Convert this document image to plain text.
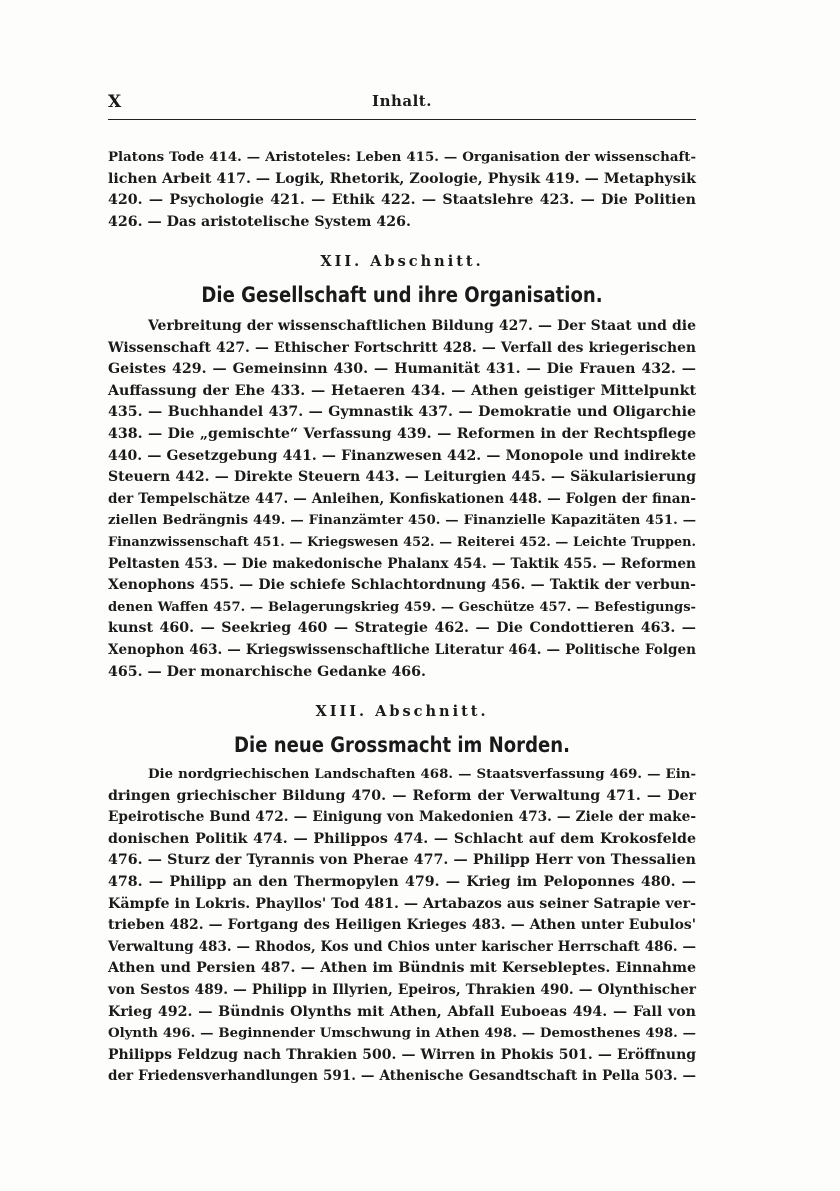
X	Inhalt.
Platons Tode 414. — Aristoteles: Leben 415. — Organisation der wissenschaft-
lichen Arbeit 417. — Logik, Rhetorik, Zoologie, Physik 419. — Metaphysik
420. — Psychologie 421. — Ethik 422. — Staatslehre 423. — Die Politien
426. — Das aristotelische System 426.
XII. Abschnitt.
Die Gesellschaft und ihre Organisation.
Verbreitung der wissenschaftlichen Bildung 427. — Der Staat und die
Wissenschaft 427. — Ethischer Fortschritt 428. — Verfall des kriegerischen
Geistes 429. — Gemeinsinn 430. — Humanität 431. — Die Frauen 432. —
Auffassung der Ehe 433. — Hetaeren 434. — Athen geistiger Mittelpunkt
435. — Buchhandel 437. — Gymnastik 437. — Demokratie und Oligarchie
438. — Die „gemischte“ Verfassung 439. — Reformen in der Rechtspflege
440. — Gesetzgebung 441. — Finanzwesen 442. — Monopole und indirekte
Steuern 442. — Direkte Steuern 443. — Leiturgien 445. — Säkularisierung
der Tempelschätze 447. — Anleihen, Konfiskationen 448. — Folgen der finan-
ziellen Bedrängnis 449. — Finanzämter 450. — Finanzielle Kapazitäten 451. —
Finanzwissenschaft 451. — Kriegswesen 452. — Reiterei 452. — Leichte Truppen.
Peltasten 453. — Die makedonische Phalanx 454. — Taktik 455. — Reformen
Xenophons 455. — Die schiefe Schlachtordnung 456. — Taktik der verbun-
denen Waffen 457. — Belagerungskrieg 459. — Geschütze 457. — Befestigungs-
kunst 460. — Seekrieg 460 — Strategie 462. — Die Condottieren 463. —
Xenophon 463. — Kriegswissenschaftliche Literatur 464. — Politische Folgen
465. — Der monarchische Gedanke 466.
XIII. Abschnitt.
Die neue Grossmacht im Norden.
Die nordgriechischen Landschaften 468. — Staatsverfassung 469. — Ein-
dringen griechischer Bildung 470. — Reform der Verwaltung 471. — Der
Epeirotische Bund 472. — Einigung von Makedonien 473. — Ziele der make-
donischen Politik 474. — Philippos 474. — Schlacht auf dem Krokosfelde
476. — Sturz der Tyrannis von Pherae 477. — Philipp Herr von Thessalien
478. — Philipp an den Thermopylen 479. — Krieg im Peloponnes 480. —
Kämpfe in Lokris. Phayllos' Tod 481. — Artabazos aus seiner Satrapie ver-
trieben 482. — Fortgang des Heiligen Krieges 483. — Athen unter Eubulos'
Verwaltung 483. — Rhodos, Kos und Chios unter karischer Herrschaft 486. —
Athen und Persien 487. — Athen im Bündnis mit Kersebleptes. Einnahme
von Sestos 489. — Philipp in Illyrien, Epeiros, Thrakien 490. — Olynthischer
Krieg 492. — Bündnis Olynths mit Athen, Abfall Euboeas 494. — Fall von
Olynth 496. — Beginnender Umschwung in Athen 498. — Demosthenes 498. —
Philipps Feldzug nach Thrakien 500. — Wirren in Phokis 501. — Eröffnung
der Friedensverhandlungen 591. — Athenische Gesandtschaft in Pella 503. —
